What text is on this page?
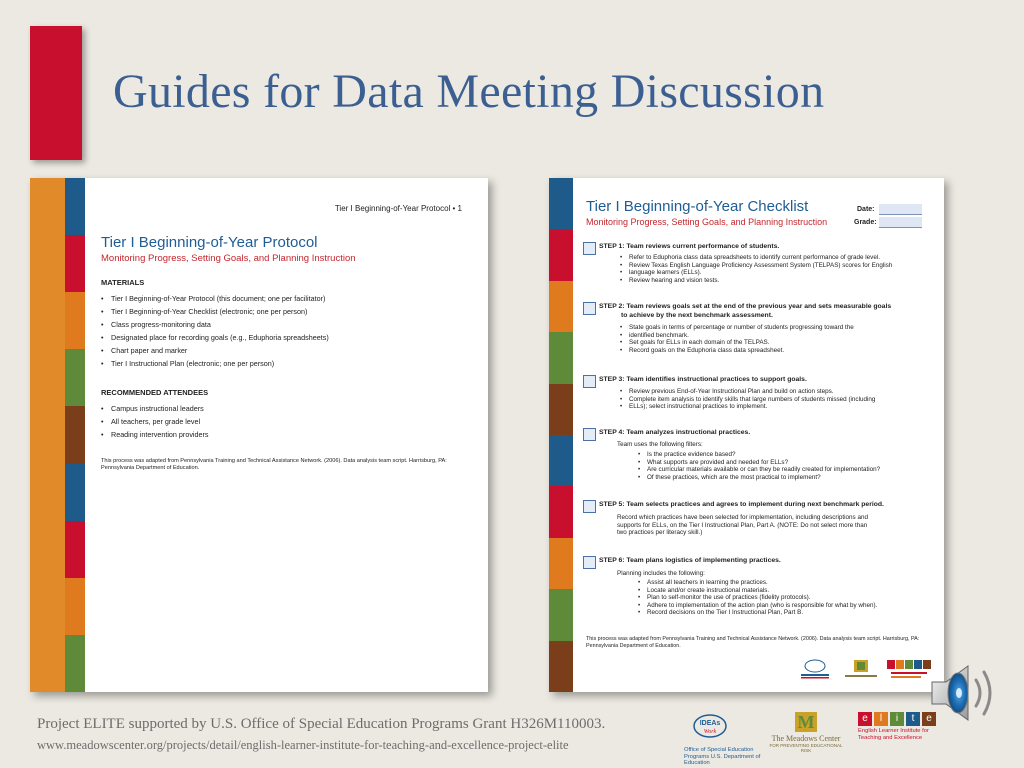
Guides for Data Meeting Discussion
Tier I Beginning-of-Year Protocol • 1
Tier I Beginning-of-Year Protocol
Monitoring Progress, Setting Goals, and Planning Instruction
MATERIALS
• Tier I Beginning-of-Year Protocol (this document; one per facilitator)
• Tier I Beginning-of-Year Checklist (electronic; one per person)
• Class progress-monitoring data
• Designated place for recording goals (e.g., Eduphoria spreadsheets)
• Chart paper and marker
• Tier I Instructional Plan (electronic; one per person)
RECOMMENDED ATTENDEES
• Campus instructional leaders
• All teachers, per grade level
• Reading intervention providers
This process was adapted from Pennsylvania Training and Technical Assistance Network. (2006). Data analysis team script. Harrisburg, PA:
Pennsylvania Department of Education.
Tier I Beginning-of-Year Checklist
Monitoring Progress, Setting Goals, and Planning Instruction
Date:
Grade:
STEP 1: Team reviews current performance of students.
• Refer to Eduphoria class data spreadsheets to identify current performance of grade level.
• Review Texas English Language Proficiency Assessment System (TELPAS) scores for English
• language learners (ELLs).
• Review hearing and vision tests.
STEP 2: Team reviews goals set at the end of the previous year and sets measurable goals
to achieve by the next benchmark assessment.
• State goals in terms of percentage or number of students progressing toward the
• identified benchmark.
• Set goals for ELLs in each domain of the TELPAS.
• Record goals on the Eduphoria class data spreadsheet.
STEP 3: Team identifies instructional practices to support goals.
• Review previous End-of-Year Instructional Plan and build on action steps.
• Complete item analysis to identify skills that large numbers of students missed (including
• ELLs); select instructional practices to implement.
STEP 4: Team analyzes instructional practices.
Team uses the following filters:
• Is the practice evidence based?
• What supports are provided and needed for ELLs?
• Are curricular materials available or can they be readily created for implementation?
• Of these practices, which are the most practical to implement?
STEP 5: Team selects practices and agrees to implement during next benchmark period.
Record which practices have been selected for implementation, including descriptions and
supports for ELLs, on the Tier I Instructional Plan, Part A. (NOTE: Do not select more than
two practices per literacy skill.)
STEP 6: Team plans logistics of implementing practices.
Planning includes the following:
• Assist all teachers in learning the practices.
• Locate and/or create instructional materials.
• Plan to self-monitor the use of practices (fidelity protocols).
• Adhere to implementation of the action plan (who is responsible for what by when).
• Record decisions on the Tier I Instructional Plan, Part B.
This process was adapted from Pennsylvania Training and Technical Assistance Network. (2006). Data analysis team script. Harrisburg, PA:
Pennsylvania Department of Education.
Project ELITE supported by U.S. Office of Special Education Programs Grant H326M110003.
www.meadowscenter.org/projects/detail/english-learner-institute-for-teaching-and-excellence-project-elite
IDEAs
Work
Office of Special Education Programs U.S. Department of Education
M
The Meadows Center
FOR PREVENTING EDUCATIONAL RISK
e	l	i	t	e
English Learner Institute for Teaching and Excellence
